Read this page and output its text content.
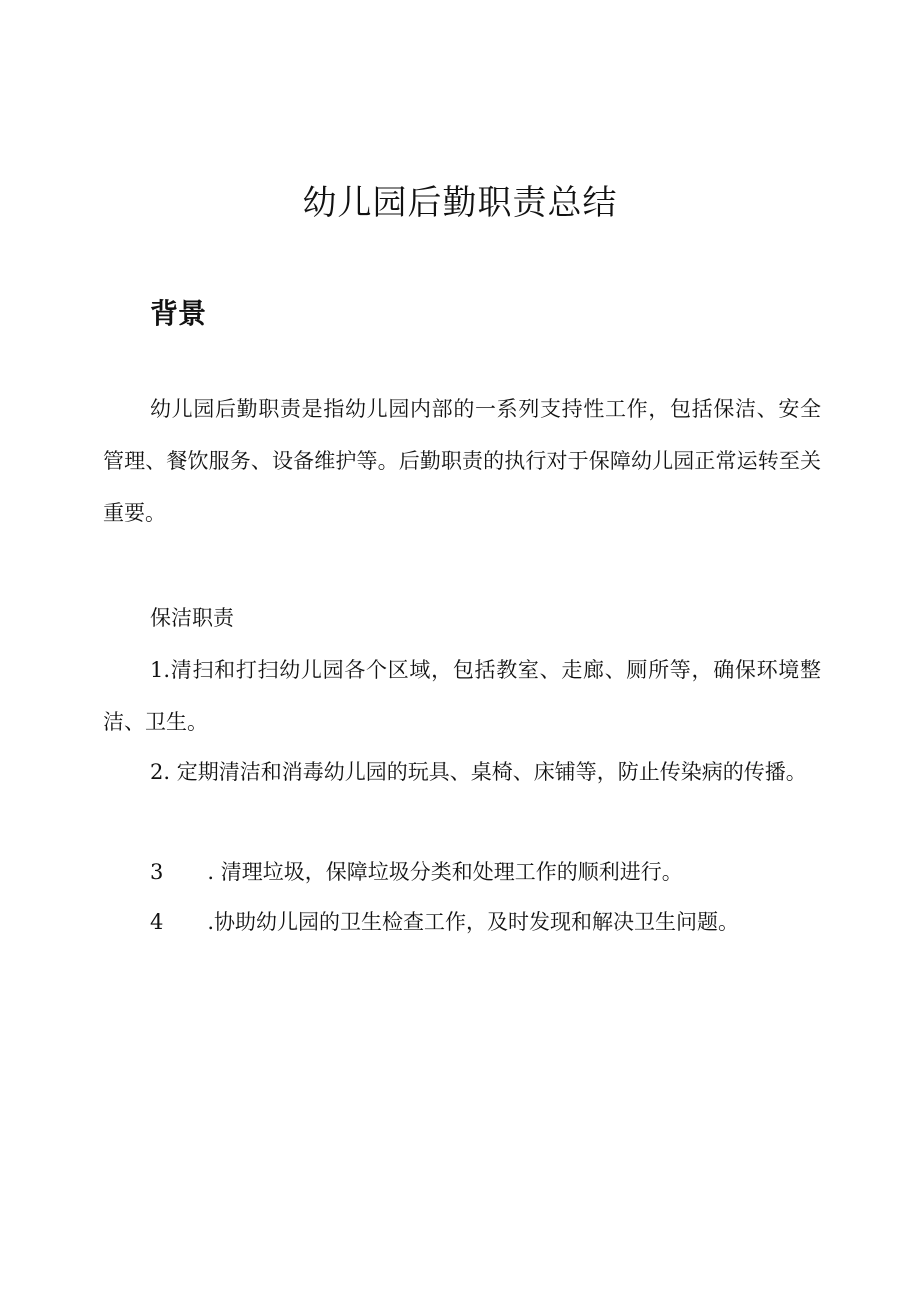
幼儿园后勤职责总结
背景

幼儿园后勤职责是指幼儿园内部的一系列支持性工作，包括保洁、安全管理、餐饮服务、设备维护等。后勤职责的执行对于保障幼儿园正常运转至关重要。

保洁职责

1.清扫和打扫幼儿园各个区域，包括教室、走廊、厕所等，确保环境整洁、卫生。

2. 定期清洁和消毒幼儿园的玩具、桌椅、床铺等，防止传染病的传播。

3 . 清理垃圾，保障垃圾分类和处理工作的顺利进行。

4 .协助幼儿园的卫生检查工作，及时发现和解决卫生问题。
